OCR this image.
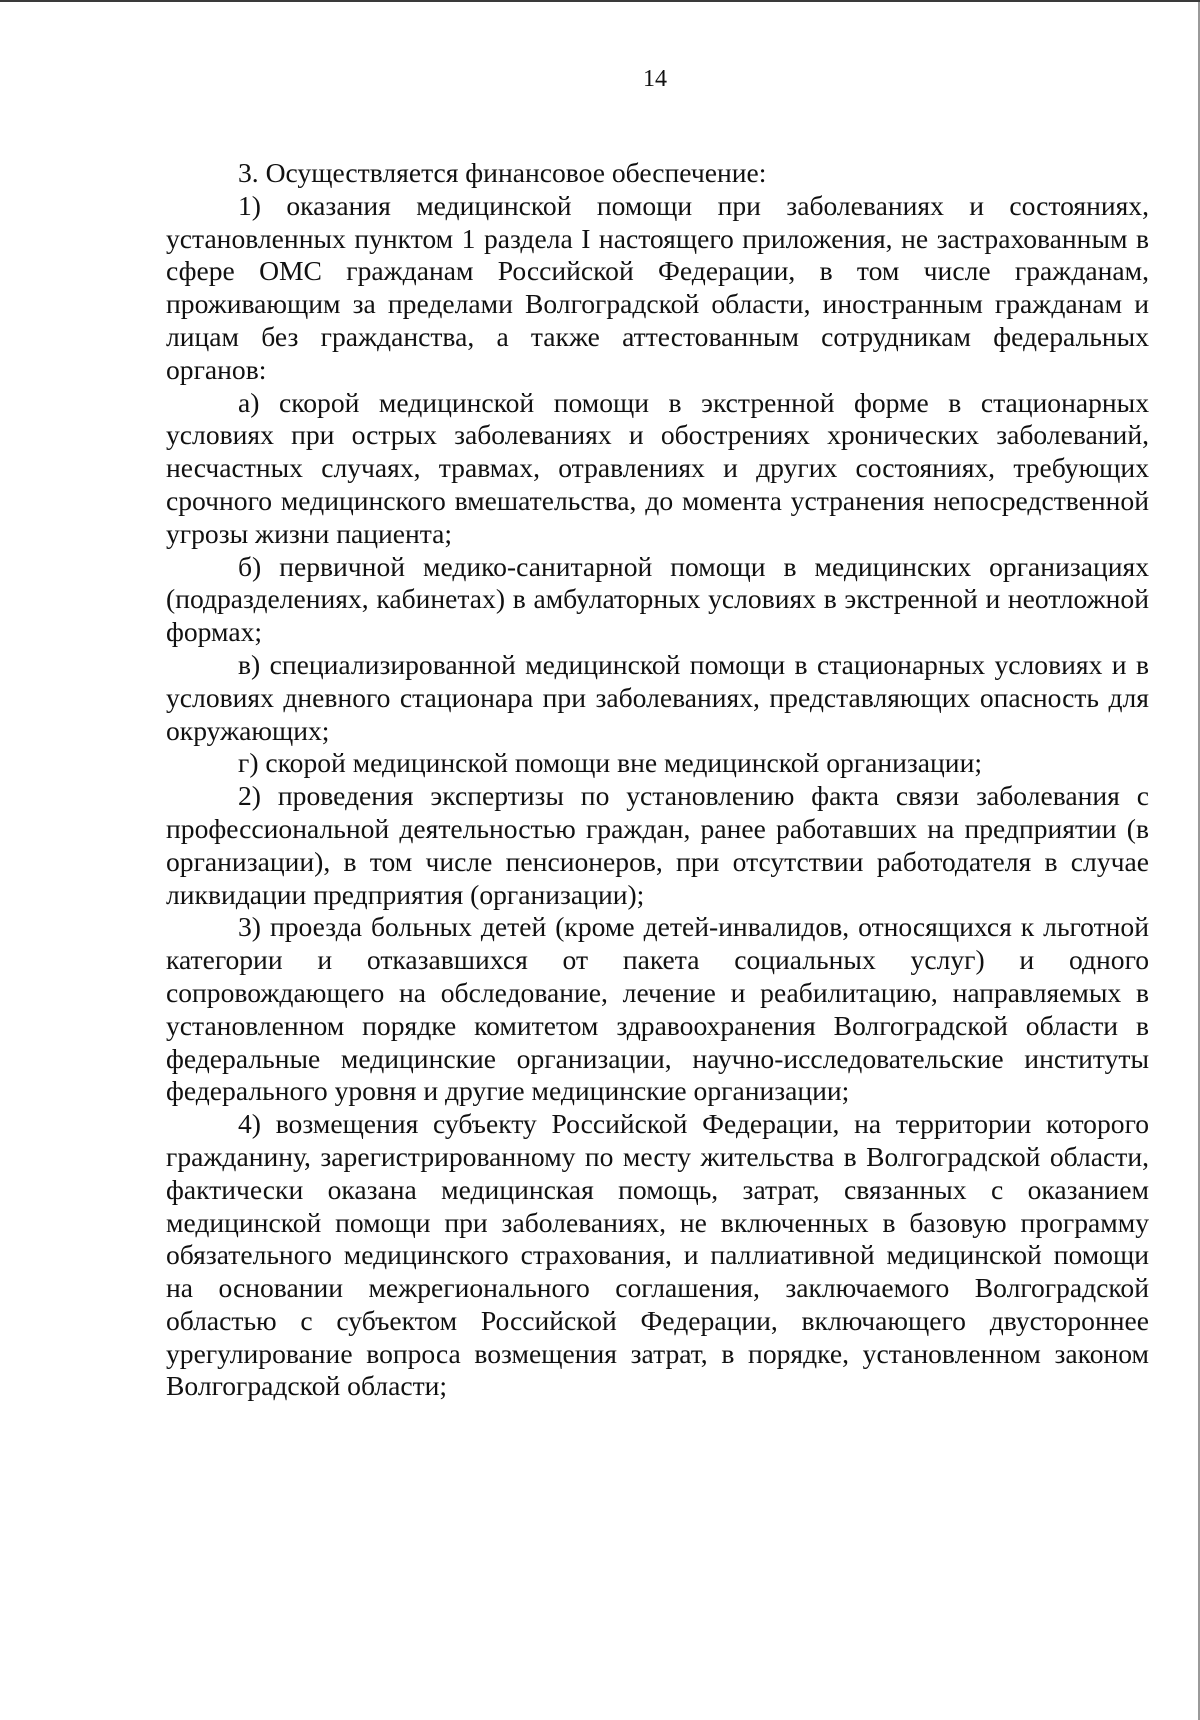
14

3. Осуществляется финансовое обеспечение:

1) оказания медицинской помощи при заболеваниях и состояниях, установленных пунктом 1 раздела I настоящего приложения, не застрахованным в сфере ОМС гражданам Российской Федерации, в том числе гражданам, проживающим за пределами Волгоградской области, иностранным гражданам и лицам без гражданства, а также аттестованным сотрудникам федеральных органов:

а) скорой медицинской помощи в экстренной форме в стационарных условиях при острых заболеваниях и обострениях хронических заболеваний, несчастных случаях, травмах, отравлениях и других состояниях, требующих срочного медицинского вмешательства, до момента устранения непосредственной угрозы жизни пациента;

б) первичной медико-санитарной помощи в медицинских организациях (подразделениях, кабинетах) в амбулаторных условиях в экстренной и неотложной формах;

в) специализированной медицинской помощи в стационарных условиях и в условиях дневного стационара при заболеваниях, представляющих опасность для окружающих;

г) скорой медицинской помощи вне медицинской организации;

2) проведения экспертизы по установлению факта связи заболевания с профессиональной деятельностью граждан, ранее работавших на предприятии (в организации), в том числе пенсионеров, при отсутствии работодателя в случае ликвидации предприятия (организации);

3) проезда больных детей (кроме детей-инвалидов, относящихся к льготной категории и отказавшихся от пакета социальных услуг) и одного сопровождающего на обследование, лечение и реабилитацию, направляемых в установленном порядке комитетом здравоохранения Волгоградской области в федеральные медицинские организации, научно-исследовательские институты федерального уровня и другие медицинские организации;

4) возмещения субъекту Российской Федерации, на территории которого гражданину, зарегистрированному по месту жительства в Волгоградской области, фактически оказана медицинская помощь, затрат, связанных с оказанием медицинской помощи при заболеваниях, не включенных в базовую программу обязательного медицинского страхования, и паллиативной медицинской помощи на основании межрегионального соглашения, заключаемого Волгоградской областью с субъектом Российской Федерации, включающего двустороннее урегулирование вопроса возмещения затрат, в порядке, установленном законом Волгоградской области;
